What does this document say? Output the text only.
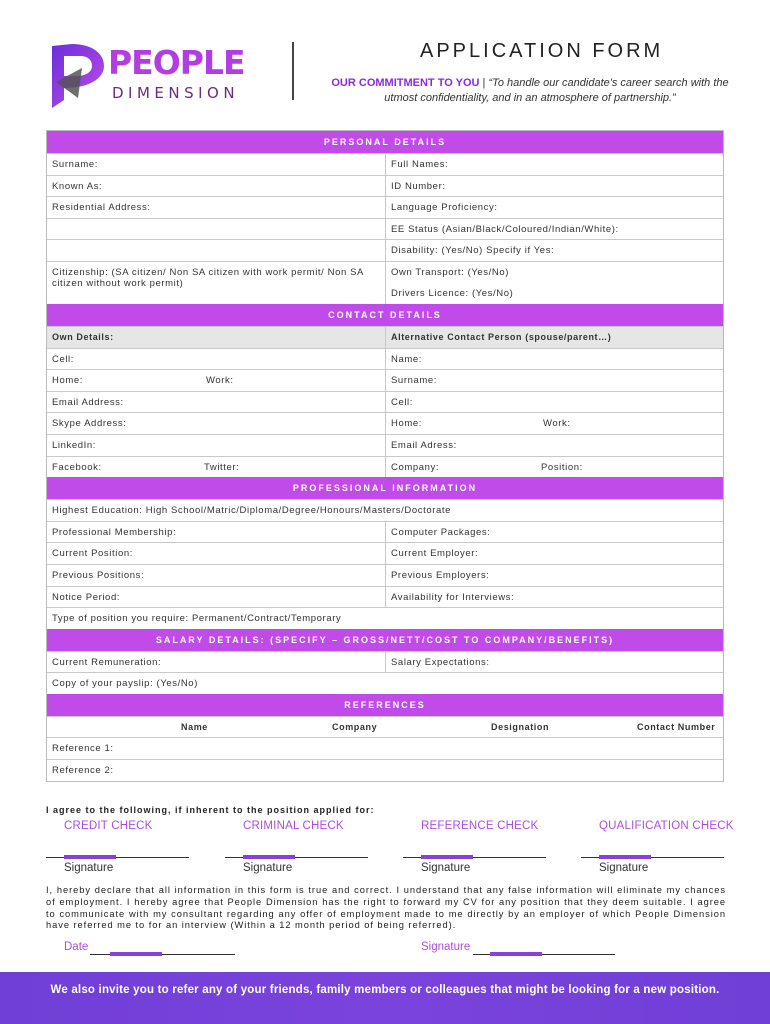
PEOPLE
DIMENSION
APPLICATION FORM
OUR COMMITMENT TO YOU | “To handle our candidate's career search with the utmost confidentiality, and in an atmosphere of partnership.”
PERSONAL DETAILS
Surname:	Full Names:
Known As:	ID Number:
Residential Address:	Language Proficiency:
EE Status (Asian/Black/Coloured/Indian/White):
Disability: (Yes/No) Specify if Yes:
Citizenship: (SA citizen/ Non SA citizen with work permit/ Non SA citizen without work permit)
Own Transport: (Yes/No)
Drivers Licence: (Yes/No)
CONTACT DETAILS
Own Details:	Alternative Contact Person (spouse/parent…)
Cell:	Name:
Home:	Work:	Surname:
Email Address:	Cell:
Skype Address:	Home:	Work:
LinkedIn:	Email Adress:
Facebook:	Twitter:	Company:	Position:
PROFESSIONAL INFORMATION
Highest Education: High School/Matric/Diploma/Degree/Honours/Masters/Doctorate
Professional Membership:	Computer Packages:
Current Position:	Current Employer:
Previous Positions:	Previous Employers:
Notice Period:	Availability for Interviews:
Type of position you require: Permanent/Contract/Temporary
SALARY DETAILS: (SPECIFY – GROSS/NETT/COST TO COMPANY/BENEFITS)
Current Remuneration:	Salary Expectations:
Copy of your payslip: (Yes/No)
REFERENCES
Name	Company	Designation	Contact Number
Reference 1:
Reference 2:
I agree to the following, if inherent to the position applied for:
CREDIT CHECK	CRIMINAL CHECK	REFERENCE CHECK	QUALIFICATION CHECK
Signature	Signature	Signature	Signature
I, hereby declare that all information in this form is true and correct. I understand that any false information will eliminate my chances of employment. I hereby agree that People Dimension has the right to forward my CV for any position that they deem suitable. I agree to communicate with my consultant regarding any offer of employment made to me directly by an employer of which People Dimension have referred me to for an interview (Within a 12 month period of being referred).
Date	Signature
We also invite you to refer any of your friends, family members or colleagues that might be looking for a new position.
